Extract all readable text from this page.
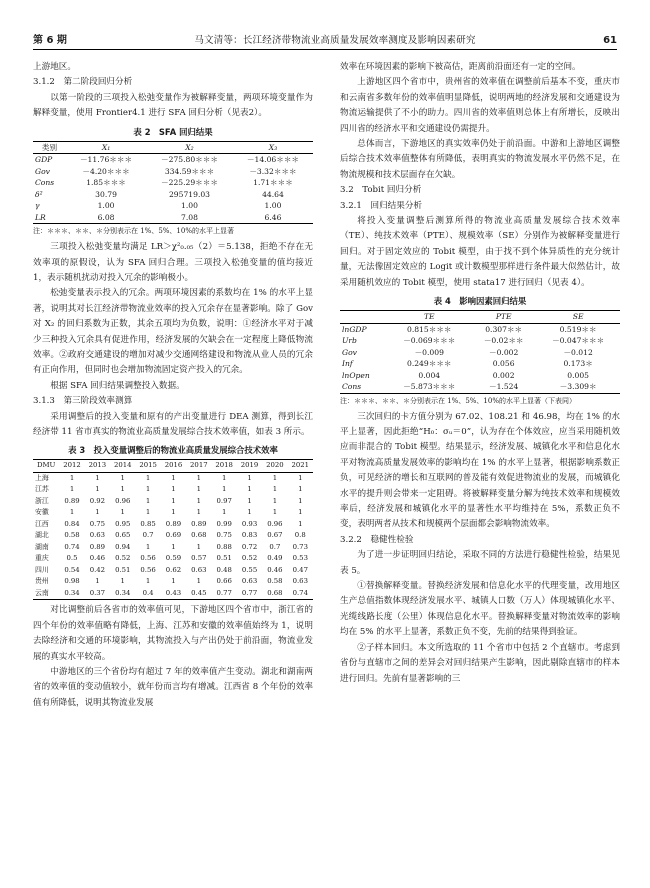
第 6 期	马文清等：长江经济带物流业高质量发展效率测度及影响因素研究	61

上游地区。

3.1.2　第二阶段回归分析

以第一阶段的三项投入松弛变量作为被解释变量，两项环境变量作为解释变量，使用 Frontier4.1 进行 SFA 回归分析（见表2）。

表 2　SFA 回归结果
类别	X₁	X₂	X₃
GDP	－11.76＊＊＊	－275.80＊＊＊	－14.06＊＊＊
Gov	－4.20＊＊＊	334.59＊＊＊	－3.32＊＊＊
Cons	1.85＊＊＊	－225.29＊＊＊	1.71＊＊＊
δ²	30.79	295719.03	44.64
γ	1.00	1.00	1.00
LR	6.08	7.08	6.46
注：＊＊＊、＊＊、＊分别表示在 1%、5%、10%的水平上显著

三项投入松弛变量均满足 LR＞χ²₀.₀₅（2）＝5.138，拒绝不存在无效率项的原假设，认为 SFA 回归合理。三项投入松弛变量的值均接近 1，表示随机扰动对投入冗余的影响极小。

松弛变量表示投入的冗余。两项环境因素的系数均在 1% 的水平上显著，说明其对长江经济带物流业效率的投入冗余存在显著影响。除了 Gov 对 X₂ 的回归系数为正数，其余五项均为负数，说明：①经济水平对于减少三种投入冗余具有促进作用，经济发展的欠缺会在一定程度上降低物流效率。②政府交通建设的增加对减少交通网络建设和物流从业人员的冗余有正向作用，但同时也会增加物流固定资产投入的冗余。

根据 SFA 回归结果调整投入数据。

3.1.3　第三阶段效率测算

采用调整后的投入变量和原有的产出变量进行 DEA 测算，得到长江经济带 11 省市真实的物流业高质量发展综合技术效率值，如表 3 所示。

表 3　投入变量调整后的物流业高质量发展综合技术效率
DMU	2012	2013	2014	2015	2016	2017	2018	2019	2020	2021
上海	1	1	1	1	1	1	1	1	1	1
江苏	1	1	1	1	1	1	1	1	1	1
浙江	0.89	0.92	0.96	1	1	1	0.97	1	1	1
安徽	1	1	1	1	1	1	1	1	1	1
江西	0.84	0.75	0.95	0.85	0.89	0.89	0.99	0.93	0.96	1
湖北	0.58	0.63	0.65	0.7	0.69	0.68	0.75	0.83	0.67	0.8
湖南	0.74	0.89	0.94	1	1	1	0.88	0.72	0.7	0.73
重庆	0.5	0.46	0.52	0.56	0.59	0.57	0.51	0.52	0.49	0.53
四川	0.54	0.42	0.51	0.56	0.62	0.63	0.48	0.55	0.46	0.47
贵州	0.98	1	1	1	1	1	0.66	0.63	0.58	0.63
云南	0.34	0.37	0.34	0.4	0.43	0.45	0.77	0.77	0.68	0.74

对比调整前后各省市的效率值可见，下游地区四个省市中，浙江省的四个年份的效率值略有降低，上海、江苏和安徽的效率值始终为 1，说明去除经济和交通的环境影响，其物流投入与产出仍处于前沿面，物流业发展的真实水平较高。

中游地区的三个省份均有超过 7 年的效率值产生变动。湖北和湖南两省的效率值的变动值较小，就年份而言均有增减。江西省 8 个年份的效率值有所降低，说明其物流业发展

效率在环境因素的影响下被高估，距离前沿面还有一定的空间。

上游地区四个省市中，贵州省的效率值在调整前后基本不变，重庆市和云南省多数年份的效率值明显降低，说明两地的经济发展和交通建设为物流运输提供了不小的助力。四川省的效率值则总体上有所增长，反映出四川省的经济水平和交通建设仍需提升。

总体而言，下游地区的真实效率仍处于前沿面。中游和上游地区调整后综合技术效率值整体有所降低，表明真实的物流发展水平仍然不足，在物流规模和技术层面存在欠缺。

3.2　Tobit 回归分析
3.2.1　回归结果分析

将投入变量调整后测算所得的物流业高质量发展综合技术效率（TE）、纯技术效率（PTE）、规模效率（SE）分别作为被解释变量进行回归。对于固定效应的 Tobit 模型，由于找不到个体异质性的充分统计量，无法像固定效应的 Logit 或计数模型那样进行条件最大似然估计，故采用随机效应的 Tobit 模型，使用 stata17 进行回归（见表 4）。

表 4　影响因素回归结果
	TE	PTE	SE
lnGDP	0.815＊＊＊	0.307＊＊	0.519＊＊
Urb	－0.069＊＊＊	－0.02＊＊	－0.047＊＊＊
Gov	－0.009	－0.002	－0.012
Inf	0.249＊＊＊	0.056	0.173＊
lnOpen	0.004	0.002	0.005
Cons	－5.873＊＊＊	－1.524	－3.309＊
注：＊＊＊、＊＊、＊分别表示在 1%、5%、10%的水平上显著（下表同）

三次回归的卡方值分别为 67.02、108.21 和 46.98，均在 1% 的水平上显著，因此拒绝“H₀：σᵤ＝0”，认为存在个体效应，应当采用随机效应而非混合的 Tobit 模型。结果显示，经济发展、城镇化水平和信息化水平对物流高质量发展效率的影响均在 1% 的水平上显著，根据影响系数正负，可见经济的增长和互联网的普及能有效促进物流业的发展，而城镇化水平的提升则会带来一定阻碍。将被解释变量分解为纯技术效率和规模效率后，经济发展和城镇化水平的显著性水平均维持在 5%，系数正负不变，表明两者从技术和规模两个层面都会影响物流效率。

3.2.2　稳健性检验

为了进一步证明回归结论，采取不同的方法进行稳健性检验，结果见表 5。

①替换解释变量。替换经济发展和信息化水平的代理变量，改用地区生产总值指数体现经济发展水平、城镇人口数（万人）体现城镇化水平、光缆线路长度（公里）体现信息化水平。替换解释变量对物流效率的影响均在 5% 的水平上显著，系数正负不变，先前的结果得到验证。

②子样本回归。本文所选取的 11 个省市中包括 2 个直辖市。考虑到省份与直辖市之间的差异会对回归结果产生影响，因此剔除直辖市的样本进行回归。先前有显著影响的三
